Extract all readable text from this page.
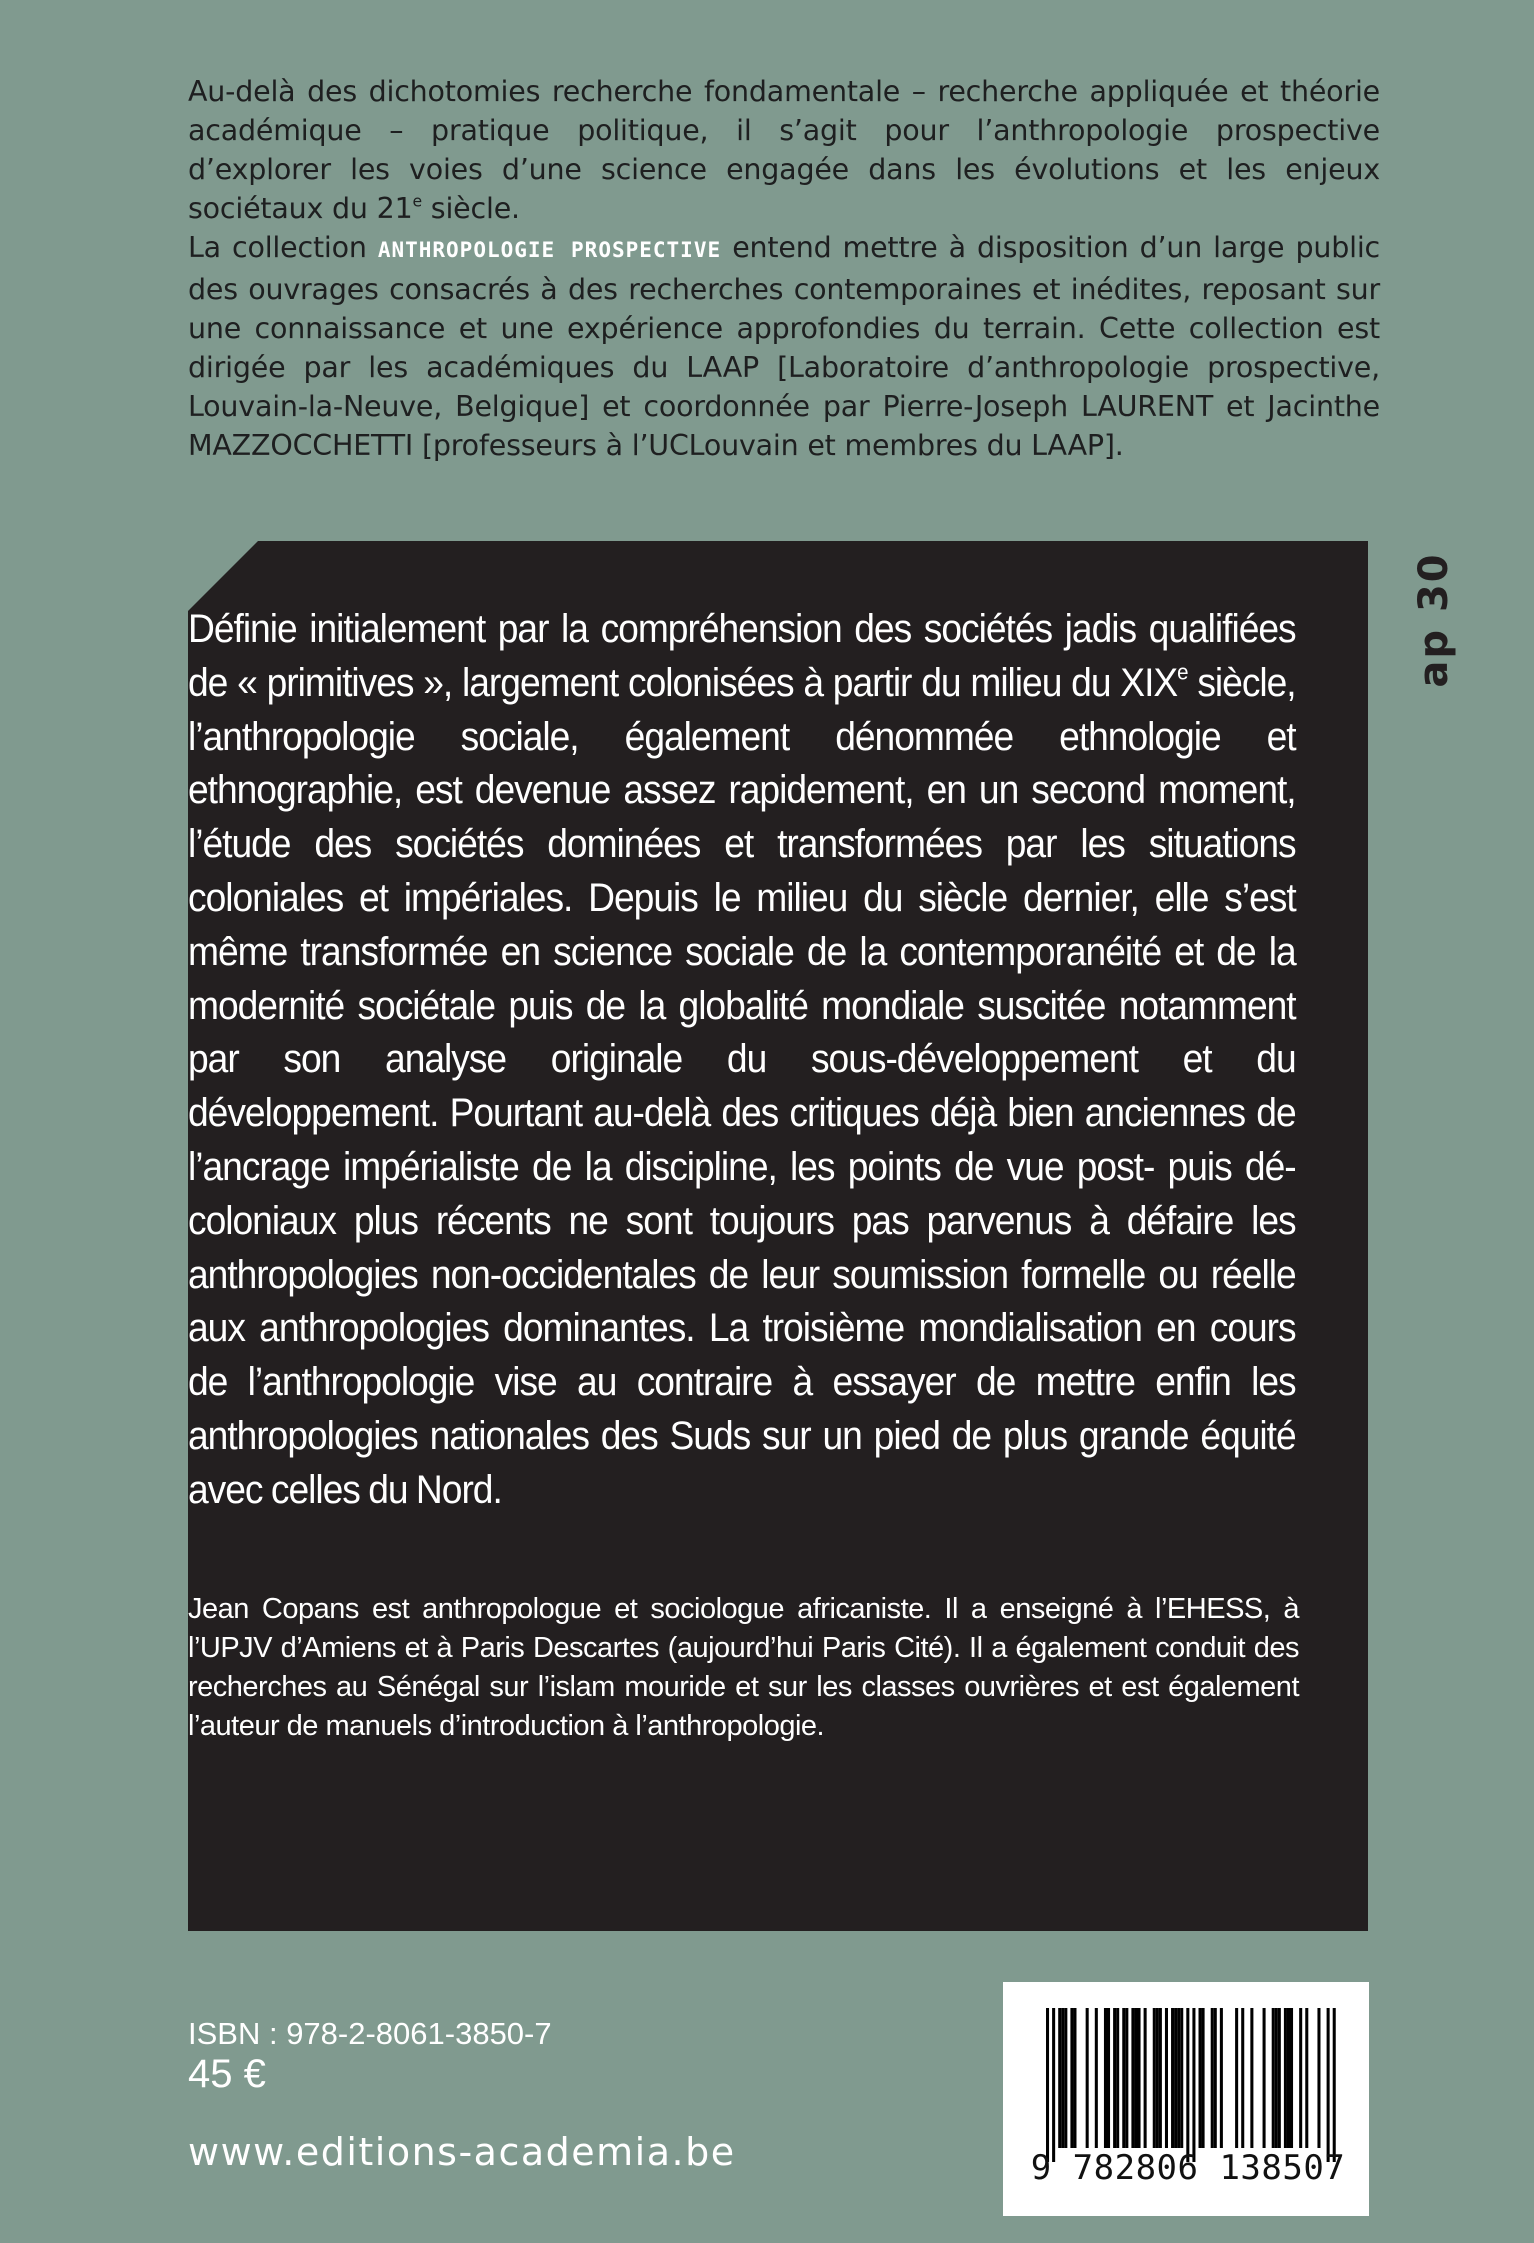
Au-delà des dichotomies recherche fondamentale – recherche appliquée et théorie académique – pratique politique, il s’agit pour l’anthropologie prospective d’explorer les voies d’une science engagée dans les évolutions et les enjeux sociétaux du 21e siècle.

La collection ANTHROPOLOGIE PROSPECTIVE entend mettre à disposition d’un large public des ouvrages consacrés à des recherches contemporaines et inédites, reposant sur une connaissance et une expérience approfondies du terrain. Cette collection est dirigée par les académiques du LAAP [Laboratoire d’anthropologie prospective, Louvain-la-Neuve, Belgique] et coordonnée par Pierre-Joseph LAURENT et Jacinthe MAZZOCCHETTI [professeurs à l’UCLouvain et membres du LAAP].

ap 30

Définie initialement par la compréhension des sociétés jadis qualifiées de « primitives », largement colonisées à partir du milieu du XIXe siècle, l’anthropologie sociale, également dénommée ethnologie et ethnographie, est devenue assez rapidement, en un second moment, l’étude des sociétés dominées et transformées par les situations coloniales et impériales. Depuis le milieu du siècle dernier, elle s’est même transformée en science sociale de la contemporanéité et de la modernité sociétale puis de la globalité mondiale suscitée notamment par son analyse originale du sous-développement et du développement. Pourtant au-delà des critiques déjà bien anciennes de l’ancrage impérialiste de la discipline, les points de vue post- puis dé-coloniaux plus récents ne sont toujours pas parvenus à défaire les anthropologies non-occidentales de leur soumission formelle ou réelle aux anthropologies dominantes. La troisième mondialisation en cours de l’anthropologie vise au contraire à essayer de mettre enfin les anthropologies nationales des Suds sur un pied de plus grande équité avec celles du Nord.

Jean Copans est anthropologue et sociologue africaniste. Il a enseigné à l’EHESS, à l’UPJV d’Amiens et à Paris Descartes (aujourd’hui Paris Cité). Il a également conduit des recherches au Sénégal sur l’islam mouride et sur les classes ouvrières et est également l’auteur de manuels d’introduction à l’anthropologie.

ISBN : 978-2-8061-3850-7
45 €
www.editions-academia.be	9 782806 138507
